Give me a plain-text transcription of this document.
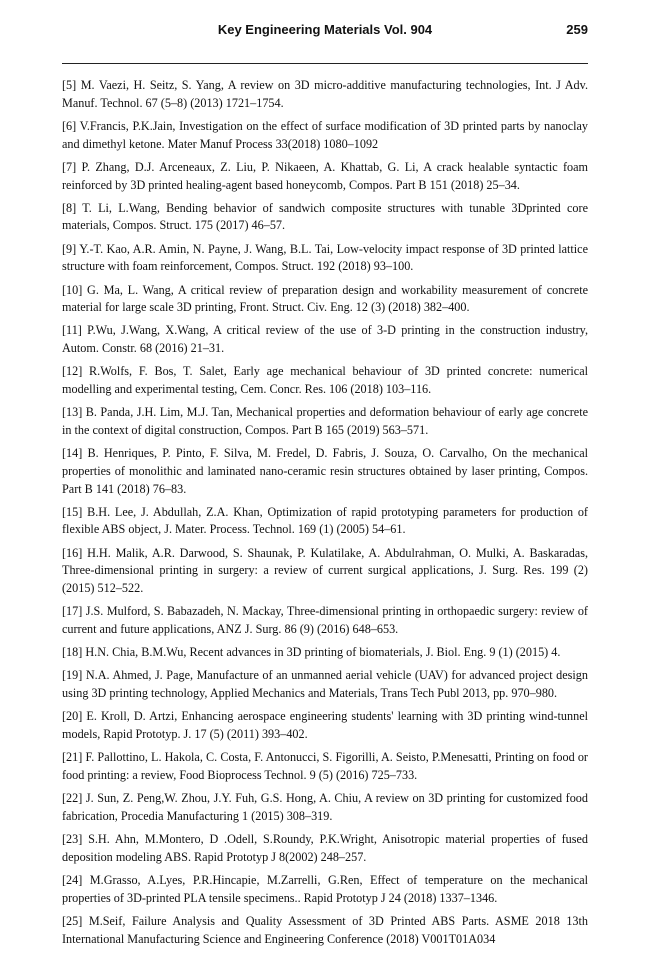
Key Engineering Materials Vol. 904	259

[5] M. Vaezi, H. Seitz, S. Yang, A review on 3D micro-additive manufacturing technologies, Int. J Adv. Manuf. Technol. 67 (5–8) (2013) 1721–1754.

[6] V.Francis, P.K.Jain, Investigation on the effect of surface modification of 3D printed parts by nanoclay and dimethyl ketone. Mater Manuf Process 33(2018) 1080–1092

[7] P. Zhang, D.J. Arceneaux, Z. Liu, P. Nikaeen, A. Khattab, G. Li, A crack healable syntactic foam reinforced by 3D printed healing-agent based honeycomb, Compos. Part B 151 (2018) 25–34.

[8] T. Li, L.Wang, Bending behavior of sandwich composite structures with tunable 3Dprinted core materials, Compos. Struct. 175 (2017) 46–57.

[9] Y.-T. Kao, A.R. Amin, N. Payne, J. Wang, B.L. Tai, Low-velocity impact response of 3D printed lattice structure with foam reinforcement, Compos. Struct. 192 (2018) 93–100.

[10] G. Ma, L. Wang, A critical review of preparation design and workability measurement of concrete material for large scale 3D printing, Front. Struct. Civ. Eng. 12 (3) (2018) 382–400.

[11] P.Wu, J.Wang, X.Wang, A critical review of the use of 3-D printing in the construction industry, Autom. Constr. 68 (2016) 21–31.

[12] R.Wolfs, F. Bos, T. Salet, Early age mechanical behaviour of 3D printed concrete: numerical modelling and experimental testing, Cem. Concr. Res. 106 (2018) 103–116.

[13] B. Panda, J.H. Lim, M.J. Tan, Mechanical properties and deformation behaviour of early age concrete in the context of digital construction, Compos. Part B 165 (2019) 563–571.

[14] B. Henriques, P. Pinto, F. Silva, M. Fredel, D. Fabris, J. Souza, O. Carvalho, On the mechanical properties of monolithic and laminated nano-ceramic resin structures obtained by laser printing, Compos. Part B 141 (2018) 76–83.

[15] B.H. Lee, J. Abdullah, Z.A. Khan, Optimization of rapid prototyping parameters for production of flexible ABS object, J. Mater. Process. Technol. 169 (1) (2005) 54–61.

[16] H.H. Malik, A.R. Darwood, S. Shaunak, P. Kulatilake, A. Abdulrahman, O. Mulki, A. Baskaradas, Three-dimensional printing in surgery: a review of current surgical applications, J. Surg. Res. 199 (2) (2015) 512–522.

[17] J.S. Mulford, S. Babazadeh, N. Mackay, Three-dimensional printing in orthopaedic surgery: review of current and future applications, ANZ J. Surg. 86 (9) (2016) 648–653.

[18] H.N. Chia, B.M.Wu, Recent advances in 3D printing of biomaterials, J. Biol. Eng. 9 (1) (2015) 4.

[19] N.A. Ahmed, J. Page, Manufacture of an unmanned aerial vehicle (UAV) for advanced project design using 3D printing technology, Applied Mechanics and Materials, Trans Tech Publ 2013, pp. 970–980.

[20] E. Kroll, D. Artzi, Enhancing aerospace engineering students' learning with 3D printing wind-tunnel models, Rapid Prototyp. J. 17 (5) (2011) 393–402.

[21] F. Pallottino, L. Hakola, C. Costa, F. Antonucci, S. Figorilli, A. Seisto, P.Menesatti, Printing on food or food printing: a review, Food Bioprocess Technol. 9 (5) (2016) 725–733.

[22] J. Sun, Z. Peng,W. Zhou, J.Y. Fuh, G.S. Hong, A. Chiu, A review on 3D printing for customized food fabrication, Procedia Manufacturing 1 (2015) 308–319.

[23] S.H. Ahn, M.Montero, D .Odell, S.Roundy, P.K.Wright, Anisotropic material properties of fused deposition modeling ABS. Rapid Prototyp J 8(2002) 248–257.

[24] M.Grasso, A.Lyes, P.R.Hincapie, M.Zarrelli, G.Ren, Effect of temperature on the mechanical properties of 3D-printed PLA tensile specimens.. Rapid Prototyp J 24 (2018) 1337–1346.

[25] M.Seif, Failure Analysis and Quality Assessment of 3D Printed ABS Parts. ASME 2018 13th International Manufacturing Science and Engineering Conference (2018) V001T01A034
